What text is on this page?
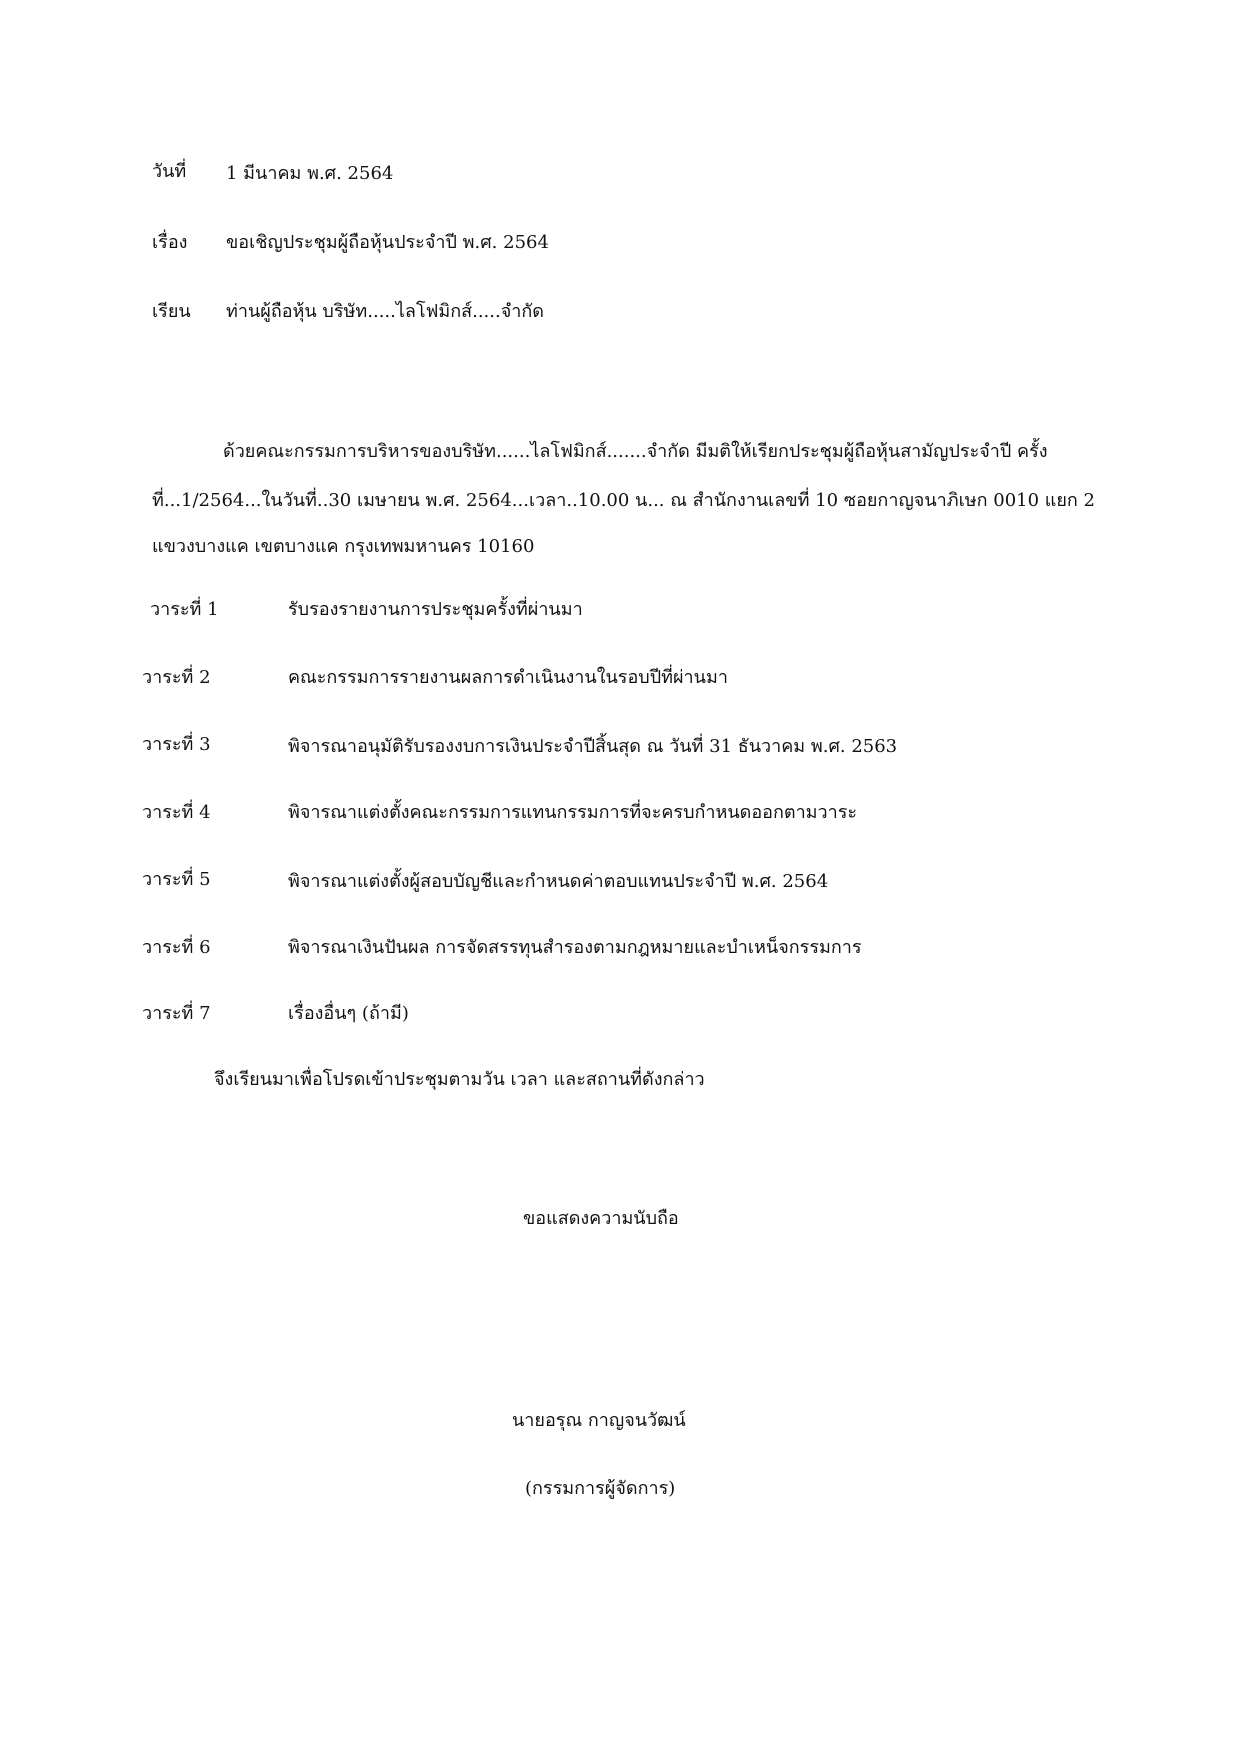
วันที่ 1 มีนาคม พ.ศ. 2564
เรื่อง ขอเชิญประชุมผู้ถือหุ้นประจำปี พ.ศ. 2564
เรียน ท่านผู้ถือหุ้น บริษัท.....ไลโฟมิกส์.....จำกัด
ด้วยคณะกรรมการบริหารของบริษัท......ไลโฟมิกส์.......จำกัด มีมติให้เรียกประชุมผู้ถือหุ้นสามัญประจำปี ครั้ง
ที่...1/2564...ในวันที่..30 เมษายน พ.ศ. 2564...เวลา..10.00 น... ณ สำนักงานเลขที่ 10 ซอยกาญจนาภิเษก 0010 แยก 2
แขวงบางแค เขตบางแค กรุงเทพมหานคร 10160
วาระที่ 1	รับรองรายงานการประชุมครั้งที่ผ่านมา
วาระที่ 2	คณะกรรมการรายงานผลการดำเนินงานในรอบปีที่ผ่านมา
วาระที่ 3	พิจารณาอนุมัติรับรองงบการเงินประจำปีสิ้นสุด ณ วันที่ 31 ธันวาคม พ.ศ. 2563
วาระที่ 4	พิจารณาแต่งตั้งคณะกรรมการแทนกรรมการที่จะครบกำหนดออกตามวาระ
วาระที่ 5	พิจารณาแต่งตั้งผู้สอบบัญชีและกำหนดค่าตอบแทนประจำปี พ.ศ. 2564
วาระที่ 6	พิจารณาเงินปันผล การจัดสรรทุนสำรองตามกฎหมายและบำเหน็จกรรมการ
วาระที่ 7	เรื่องอื่นๆ (ถ้ามี)
จึงเรียนมาเพื่อโปรดเข้าประชุมตามวัน เวลา และสถานที่ดังกล่าว
ขอแสดงความนับถือ
นายอรุณ กาญจนวัฒน์
(กรรมการผู้จัดการ)
